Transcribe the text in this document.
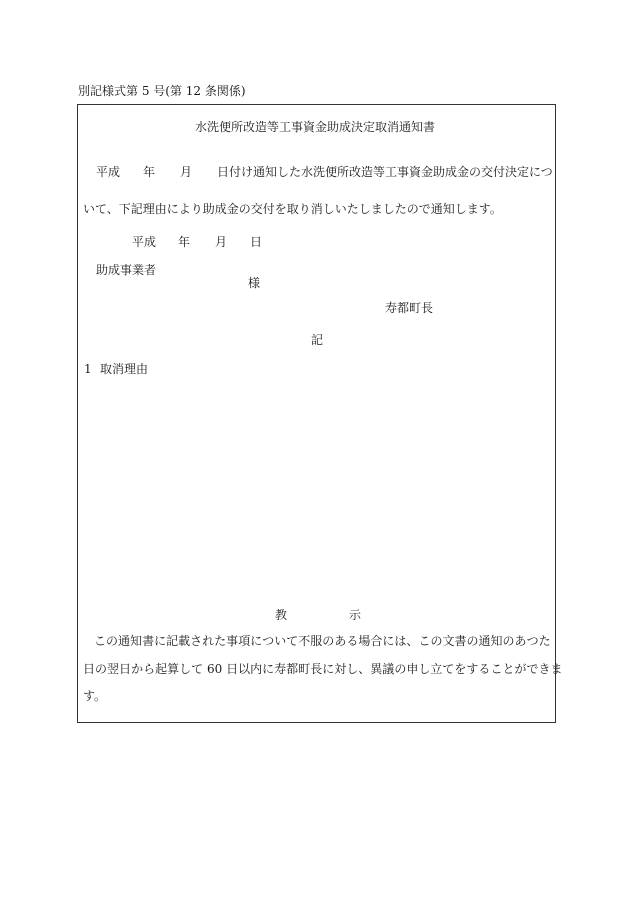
別記様式第 5 号(第 12 条関係)
水洗便所改造等工事資金助成決定取消通知書
平成 年 月 日付け通知した水洗便所改造等工事資金助成金の交付決定につ
いて、下記理由により助成金の交付を取り消しいたしましたので通知します。
平成 年 月 日
助成事業者
様
寿都町長
記
1 取消理由
教	示
こ の 通 知 書 に 記 載 さ れ た 事 項 に つ い て 不 服 の あ る 場 合 に は 、 こ の 文 書 の 通 知 の あ つ た
日 の 翌 日 か ら 起 算 し て
6 0
日 以 内 に 寿 都 町 長 に 対 し 、 異 議 の 申 し 立 て を す る こ と が で き ま
す。
